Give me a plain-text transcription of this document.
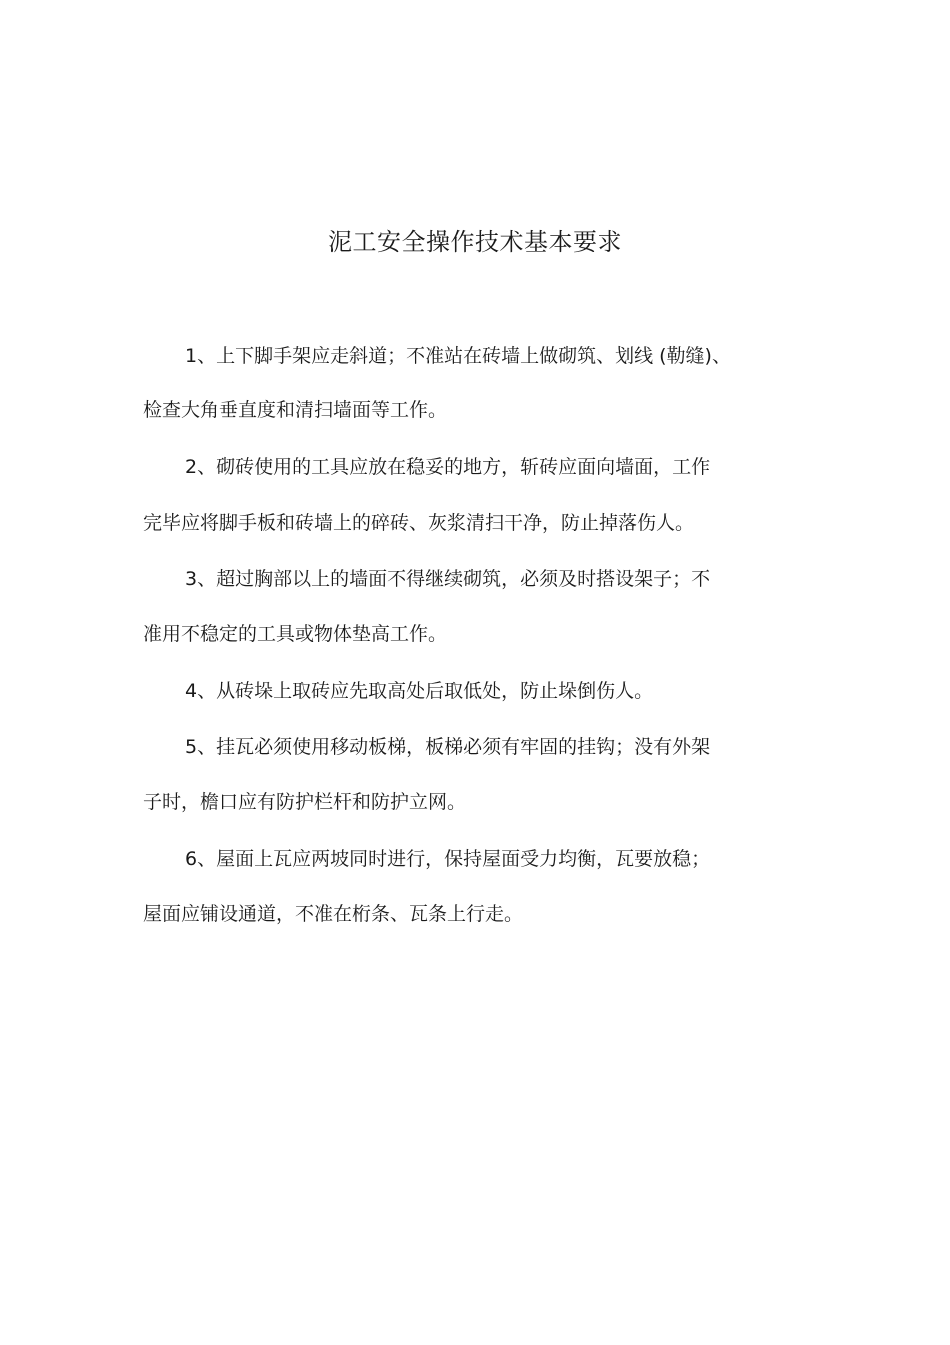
泥工安全操作技术基本要求
1、上下脚手架应走斜道；不准站在砖墙上做砌筑、划线 (勒缝)、
检查大角垂直度和清扫墙面等工作。
2、砌砖使用的工具应放在稳妥的地方，斩砖应面向墙面，工作
完毕应将脚手板和砖墙上的碎砖、灰浆清扫干净，防止掉落伤人。
3、超过胸部以上的墙面不得继续砌筑，必须及时搭设架子；不
准用不稳定的工具或物体垫高工作。
4、从砖垛上取砖应先取高处后取低处，防止垛倒伤人。
5、挂瓦必须使用移动板梯，板梯必须有牢固的挂钩；没有外架
子时，檐口应有防护栏杆和防护立网。
6、屋面上瓦应两坡同时进行，保持屋面受力均衡，瓦要放稳；
屋面应铺设通道，不准在桁条、瓦条上行走。
